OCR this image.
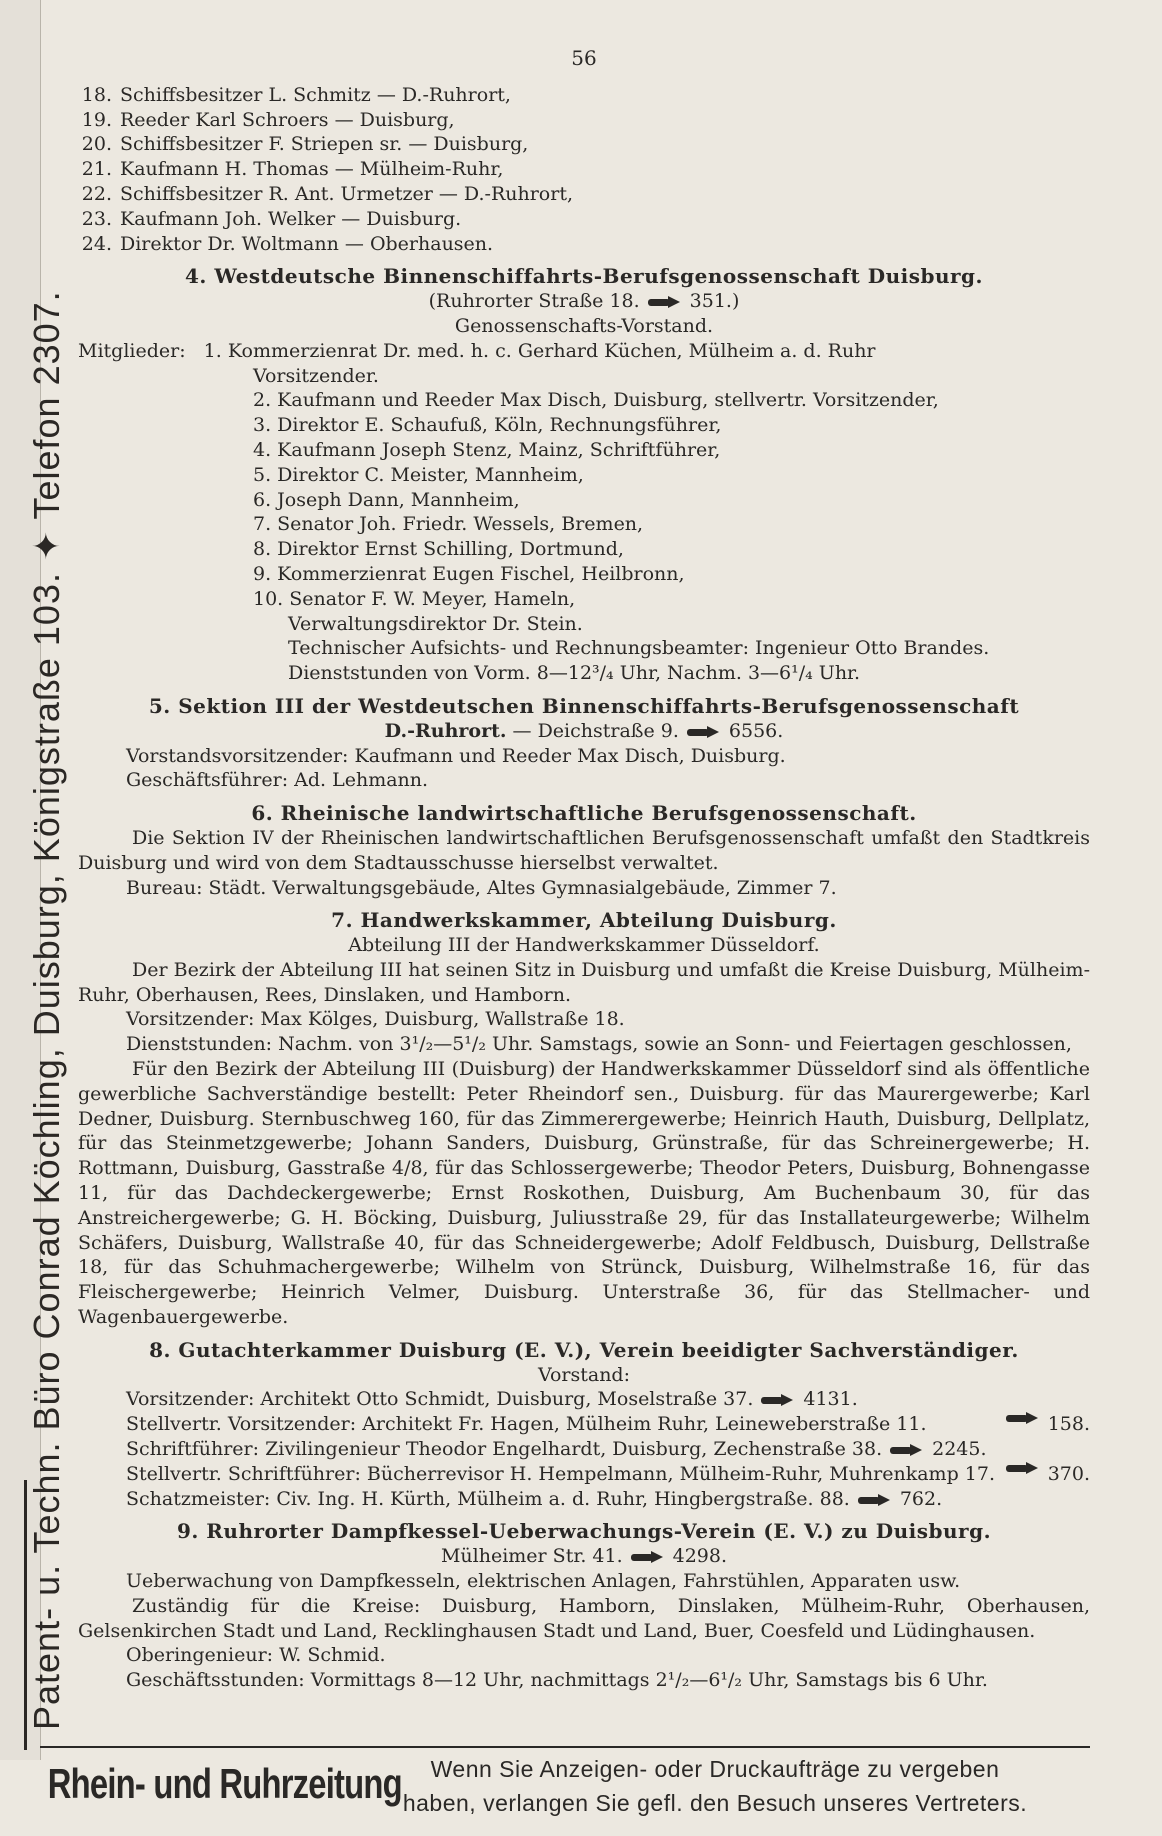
Patent- u. Techn. Büro Conrad Köchling, Duisburg, Königstraße 103. ✦ Telefon 2307.
56
18. Schiffsbesitzer L. Schmitz — D.-Ruhrort,
19. Reeder Karl Schroers — Duisburg,
20. Schiffsbesitzer F. Striepen sr. — Duisburg,
21. Kaufmann H. Thomas — Mülheim-Ruhr,
22. Schiffsbesitzer R. Ant. Urmetzer — D.-Ruhrort,
23. Kaufmann Joh. Welker — Duisburg.
24. Direktor Dr. Woltmann — Oberhausen.
4. Westdeutsche Binnenschiffahrts-Berufsgenossenschaft Duisburg.
(Ruhrorter Straße 18.	351.)
Genossenschafts-Vorstand.
Mitglieder: 1. Kommerzienrat Dr. med. h. c. Gerhard Küchen, Mülheim a. d. Ruhr
Vorsitzender.
2. Kaufmann und Reeder Max Disch, Duisburg, stellvertr. Vorsitzender,
3. Direktor E. Schaufuß, Köln, Rechnungsführer,
4. Kaufmann Joseph Stenz, Mainz, Schriftführer,
5. Direktor C. Meister, Mannheim,
6. Joseph Dann, Mannheim,
7. Senator Joh. Friedr. Wessels, Bremen,
8. Direktor Ernst Schilling, Dortmund,
9. Kommerzienrat Eugen Fischel, Heilbronn,
10. Senator F. W. Meyer, Hameln,
Verwaltungsdirektor Dr. Stein.
Technischer Aufsichts- und Rechnungsbeamter: Ingenieur Otto Brandes.
Dienststunden von Vorm. 8—12³/₄ Uhr, Nachm. 3—6¹/₄ Uhr.
5. Sektion III der Westdeutschen Binnenschiffahrts-Berufsgenossenschaft
D.-Ruhrort. — Deichstraße 9.	6556.
Vorstandsvorsitzender: Kaufmann und Reeder Max Disch, Duisburg.
Geschäftsführer: Ad. Lehmann.
6. Rheinische landwirtschaftliche Berufsgenossenschaft.
Die Sektion IV der Rheinischen landwirtschaftlichen Berufsgenossenschaft umfaßt den Stadtkreis Duisburg und wird von dem Stadtausschusse hierselbst verwaltet.
Bureau: Städt. Verwaltungsgebäude, Altes Gymnasialgebäude, Zimmer 7.
7. Handwerkskammer, Abteilung Duisburg.
Abteilung III der Handwerkskammer Düsseldorf.
Der Bezirk der Abteilung III hat seinen Sitz in Duisburg und umfaßt die Kreise Duisburg, Mülheim-Ruhr, Oberhausen, Rees, Dinslaken, und Hamborn.
Vorsitzender: Max Kölges, Duisburg, Wallstraße 18.
Dienststunden: Nachm. von 3¹/₂—5¹/₂ Uhr. Samstags, sowie an Sonn- und Feiertagen geschlossen,
Für den Bezirk der Abteilung III (Duisburg) der Handwerkskammer Düsseldorf sind als öffentliche gewerbliche Sachverständige bestellt: Peter Rheindorf sen., Duisburg. für das Maurergewerbe; Karl Dedner, Duisburg. Sternbuschweg 160, für das Zimmerergewerbe; Heinrich Hauth, Duisburg, Dellplatz, für das Steinmetzgewerbe; Johann Sanders, Duisburg, Grünstraße, für das Schreinergewerbe; H. Rottmann, Duisburg, Gasstraße 4/8, für das Schlossergewerbe; Theodor Peters, Duisburg, Bohnengasse 11, für das Dachdeckergewerbe; Ernst Roskothen, Duisburg, Am Buchenbaum 30, für das Anstreichergewerbe; G. H. Böcking, Duisburg, Juliusstraße 29, für das Installateurgewerbe; Wilhelm Schäfers, Duisburg, Wallstraße 40, für das Schneidergewerbe; Adolf Feldbusch, Duisburg, Dellstraße 18, für das Schuhmachergewerbe; Wilhelm von Strünck, Duisburg, Wilhelmstraße 16, für das Fleischergewerbe; Heinrich Velmer, Duisburg. Unterstraße 36, für das Stellmacher- und Wagenbauergewerbe.
8. Gutachterkammer Duisburg (E. V.), Verein beeidigter Sachverständiger.
Vorstand:
Vorsitzender: Architekt Otto Schmidt, Duisburg, Moselstraße 37.	4131.
Stellvertr. Vorsitzender: Architekt Fr. Hagen, Mülheim Ruhr, Leineweberstraße 11.	158.
Schriftführer: Zivilingenieur Theodor Engelhardt, Duisburg, Zechenstraße 38.	2245.
Stellvertr. Schriftführer: Bücherrevisor H. Hempelmann, Mülheim-Ruhr, Muhrenkamp 17.	370.
Schatzmeister: Civ. Ing. H. Kürth, Mülheim a. d. Ruhr, Hingbergstraße. 88.	762.
9. Ruhrorter Dampfkessel-Ueberwachungs-Verein (E. V.) zu Duisburg.
Mülheimer Str. 41.	4298.
Ueberwachung von Dampfkesseln, elektrischen Anlagen, Fahrstühlen, Apparaten usw.
Zuständig für die Kreise: Duisburg, Hamborn, Dinslaken, Mülheim-Ruhr, Oberhausen, Gelsenkirchen Stadt und Land, Recklinghausen Stadt und Land, Buer, Coesfeld und Lüdinghausen.
Oberingenieur: W. Schmid.
Geschäftsstunden: Vormittags 8—12 Uhr, nachmittags 2¹/₂—6¹/₂ Uhr, Samstags bis 6 Uhr.
Rhein- und Ruhrzeitung	Wenn Sie Anzeigen- oder Druckaufträge zu vergeben
haben, verlangen Sie gefl. den Besuch unseres Vertreters.
